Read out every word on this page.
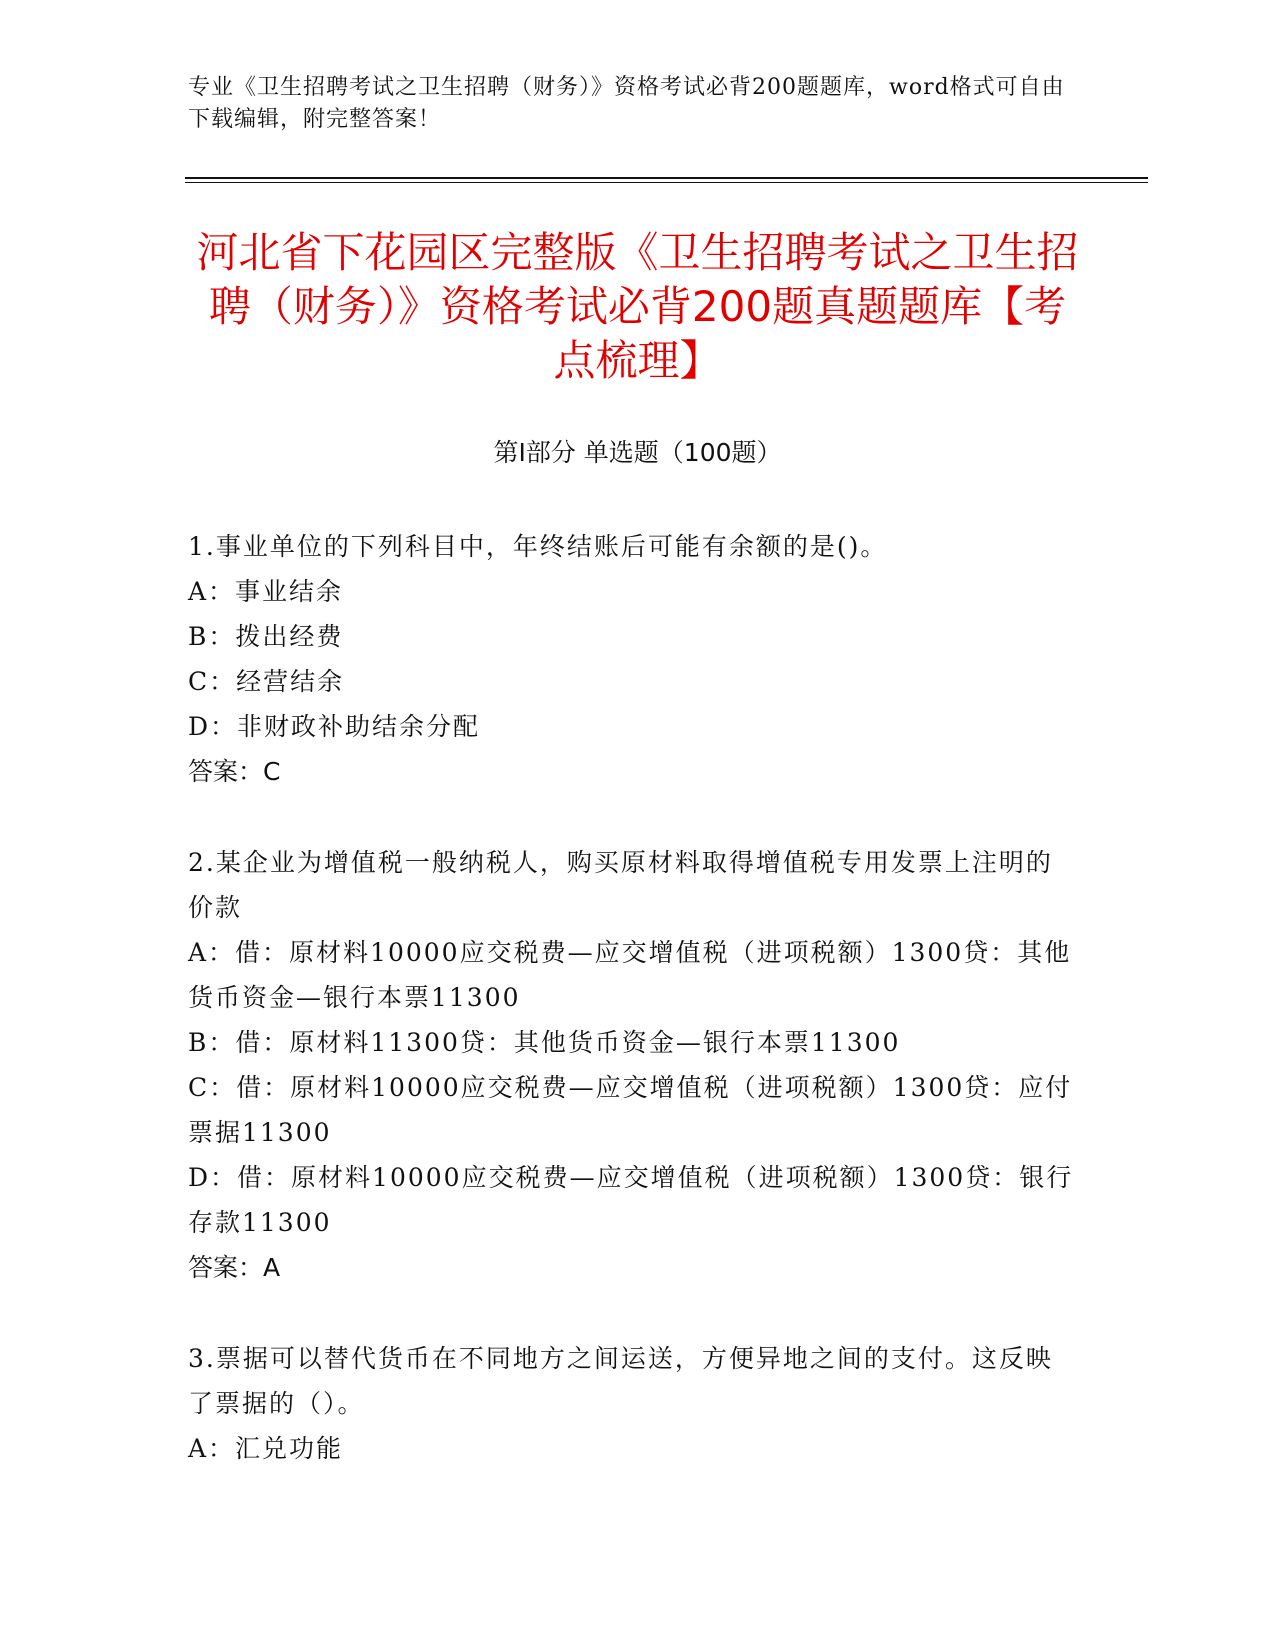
专业《卫生招聘考试之卫生招聘（财务）》资格考试必背200题题库，word格式可自由下载编辑，附完整答案！
河北省下花园区完整版《卫生招聘考试之卫生招聘（财务）》资格考试必背200题真题题库【考点梳理】
第I部分 单选题（100题）
1.事业单位的下列科目中，年终结账后可能有余额的是()。
A：事业结余
B：拨出经费
C：经营结余
D：非财政补助结余分配
答案：C
2.某企业为增值税一般纳税人，购买原材料取得增值税专用发票上注明的价款
A：借：原材料10000应交税费—应交增值税（进项税额）1300贷：其他货币资金—银行本票11300
B：借：原材料11300贷：其他货币资金—银行本票11300
C：借：原材料10000应交税费—应交增值税（进项税额）1300贷：应付票据11300
D：借：原材料10000应交税费—应交增值税（进项税额）1300贷：银行存款11300
答案：A
3.票据可以替代货币在不同地方之间运送，方便异地之间的支付。这反映了票据的（）。
A：汇兑功能
